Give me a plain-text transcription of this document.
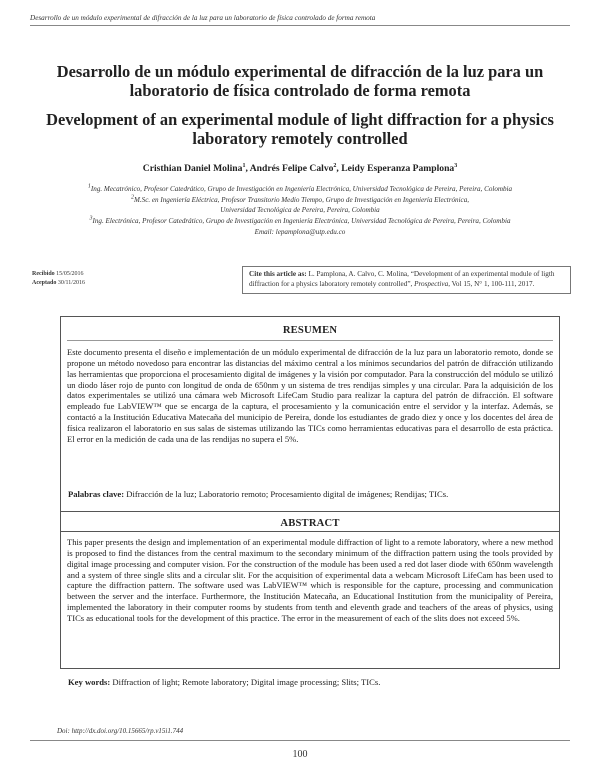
Desarrollo de un módulo experimental de difracción de la luz para un laboratorio de física controlado de forma remota
Desarrollo de un módulo experimental de difracción de la luz para un laboratorio de física controlado de forma remota
Development of an experimental module of light diffraction for a physics laboratory remotely controlled
Cristhian Daniel Molina$^1$, Andrés Felipe Calvo$^2$, Leidy Esperanza Pamplona$^3$
$^1$Ing. Mecatrónico, Profesor Catedrático, Grupo de Investigación en Ingeniería Electrónica, Universidad Tecnológica de Pereira, Pereira, Colombia
$^2$M.Sc. en Ingeniería Eléctrica, Profesor Transitorio Medio Tiempo, Grupo de Investigación en Ingeniería Electrónica,
Universidad Tecnológica de Pereira, Pereira, Colombia
$^3$Ing. Electrónica, Profesor Catedrático, Grupo de Investigación en Ingeniería Electrónica, Universidad Tecnológica de Pereira, Pereira, Colombia
Email: lepamplona@utp.edu.co
Recibido 15/05/2016
Aceptado 30/11/2016
Cite this article as: L. Pamplona, A. Calvo, C. Molina, “Development of an experimental module of ligth diffraction for a physics laboratory remotely controlled”, Prospectiva, Vol 15, N° 1, 100-111, 2017.
RESUMEN
Este documento presenta el diseño e implementación de un módulo experimental de difracción de la luz para un laboratorio remoto, donde se propone un método novedoso para encontrar las distancias del máximo central a los mínimos secundarios del patrón de difracción utilizando las herramientas que proporciona el procesamiento digital de imágenes y la visión por computador. Para la construcción del módulo se utilizó un diodo láser rojo de punto con longitud de onda de 650nm y un sistema de tres rendijas simples y una circular. Para la adquisición de los datos experimentales se utilizó una cámara web Microsoft LifeCam Studio para realizar la captura del patrón de difracción. El software empleado fue LabVIEW™ que se encarga de la captura, el procesamiento y la comunicación entre el servidor y la interfaz. Además, se contactó a la Institución Educativa Matecaña del municipio de Pereira, donde los estudiantes de grado diez y once y los docentes del área de física realizaron el laboratorio en sus salas de sistemas utilizando las TICs como herramientas educativas para el desarrollo de esta práctica. El error en la medición de cada una de las rendijas no supera el 5%.
Palabras clave: Difracción de la luz; Laboratorio remoto; Procesamiento digital de imágenes; Rendijas; TICs.
ABSTRACT
This paper presents the design and implementation of an experimental module diffraction of light to a remote laboratory, where a new method is proposed to find the distances from the central maximum to the secondary minimum of the diffraction pattern using the tools provided by digital image processing and computer vision. For the construction of the module has been used a red dot laser diode with 650nm wavelength and a system of three single slits and a circular slit. For the acquisition of experimental data a webcam Microsoft LifeCam has been used to capture the diffraction pattern. The software used was LabVIEW™ which is responsible for the capture, processing and communication between the server and the interface. Furthermore, the Institución Matecaña, an Educational Institution from the municipality of Pereira, implemented the laboratory in their computer rooms by students from tenth and eleventh grade and teachers of the areas of physics, using TICs as educational tools for the development of this practice. The error in the measurement of each of the slits does not exceed 5%.
Key words: Diffraction of light; Remote laboratory; Digital image processing; Slits; TICs.
Doi: http://dx.doi.org/10.15665/rp.v15i1.744
100
